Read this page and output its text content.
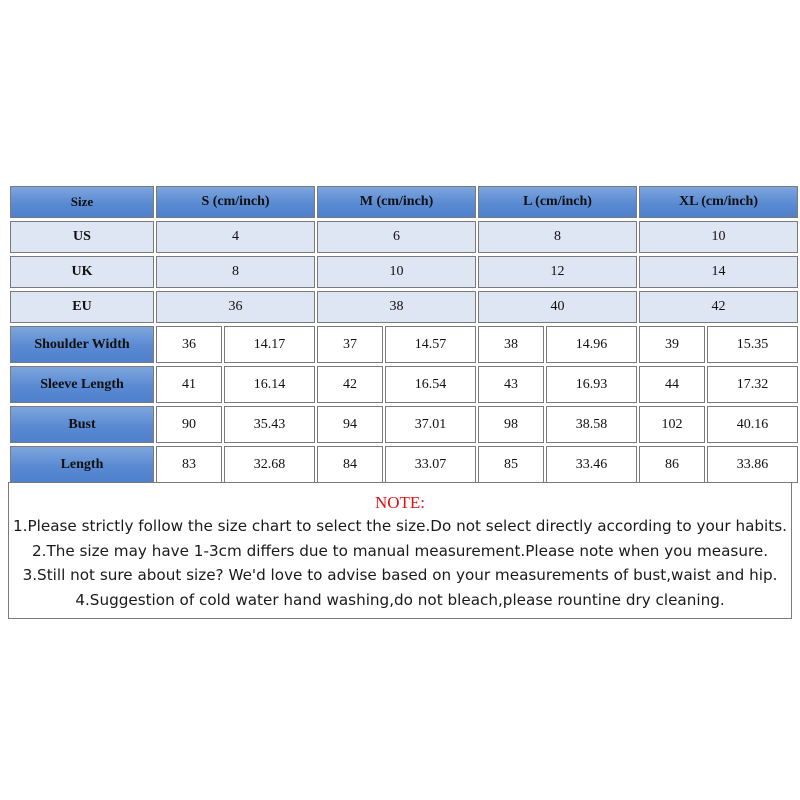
Size	S (cm/inch)		M (cm/inch)		L (cm/inch)		XL (cm/inch)	
US	4		6		8		10	
UK	8		10		12		14	
EU	36		38		40		42	
Shoulder Width	36	14.17	37	14.57	38	14.96	39	15.35
Sleeve Length	41	16.14	42	16.54	43	16.93	44	17.32
Bust	90	35.43	94	37.01	98	38.58	102	40.16
Length	83	32.68	84	33.07	85	33.46	86	33.86
NOTE:
1.Please strictly follow the size chart to select the size.Do not select directly according to your habits.
2.The size may have 1-3cm differs due to manual measurement.Please note when you measure.
3.Still not sure about size? We'd love to advise based on your measurements of bust,waist and hip.
4.Suggestion of cold water hand washing,do not bleach,please rountine dry cleaning.
